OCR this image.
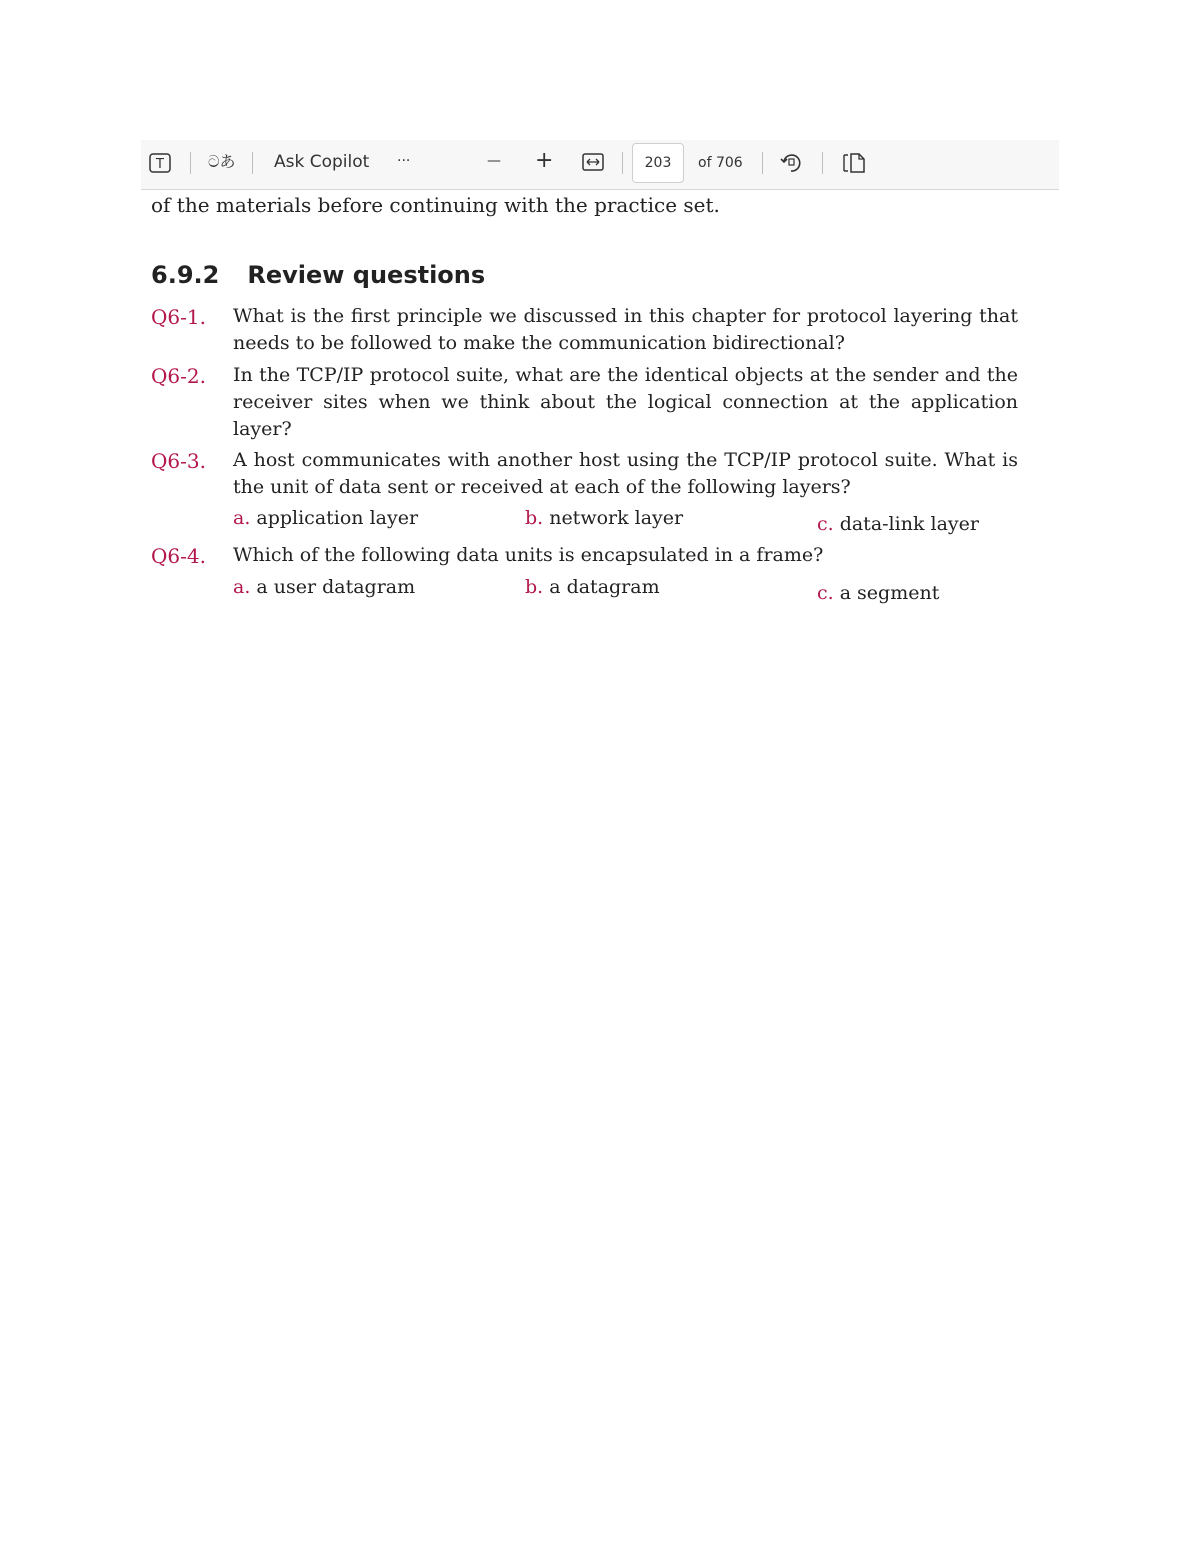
T	ටあ Ask Copilot ···	— +
203	of 706
of the materials before continuing with the practice set.
6.9.2 Review questions
Q6-1. What is the first principle we discussed in this chapter for protocol layering that needs to be followed to make the communication bidirectional?
Q6-2. In the TCP/IP protocol suite, what are the identical objects at the sender and the receiver sites when we think about the logical connection at the application layer?
Q6-3. A host communicates with another host using the TCP/IP protocol suite. What is the unit of data sent or received at each of the following layers?
a. application layer	b. network layer	c. data-link layer
Q6-4. Which of the following data units is encapsulated in a frame?
a. a user datagram	b. a datagram	c. a segment
